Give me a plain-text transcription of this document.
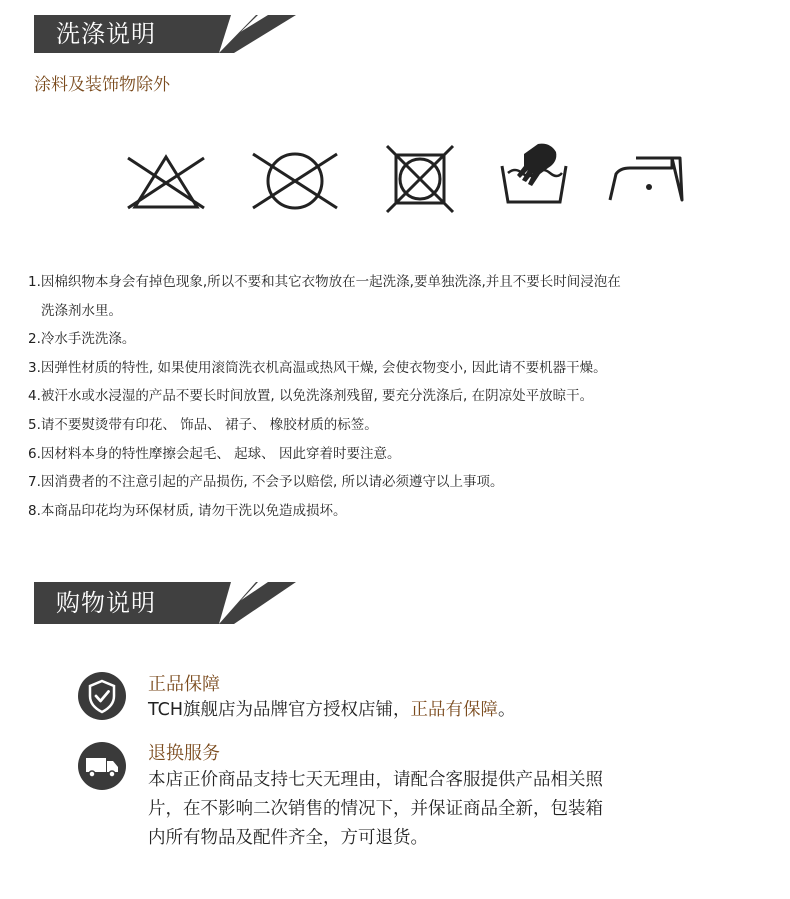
洗涤说明
涂料及装饰物除外
1.因棉织物本身会有掉色现象,所以不要和其它衣物放在一起洗涤,要单独洗涤,并且不要长时间浸泡在
洗涤剂水里。
2.冷水手洗洗涤。
3.因弹性材质的特性, 如果使用滚筒洗衣机高温或热风干燥, 会使衣物变小, 因此请不要机器干燥。
4.被汗水或水浸湿的产品不要长时间放置, 以免洗涤剂残留, 要充分洗涤后, 在阴凉处平放晾干。
5.请不要熨烫带有印花、 饰品、 裙子、 橡胶材质的标签。
6.因材料本身的特性摩擦会起毛、 起球、 因此穿着时要注意。
7.因消费者的不注意引起的产品损伤, 不会予以赔偿, 所以请必须遵守以上事项。
8.本商品印花均为环保材质, 请勿干洗以免造成损坏。
购物说明
正品保障
TCH旗舰店为品牌官方授权店铺，正品有保障。
退换服务
本店正价商品支持七天无理由，请配合客服提供产品相关照
片，在不影响二次销售的情况下，并保证商品全新，包装箱
内所有物品及配件齐全，方可退货。
